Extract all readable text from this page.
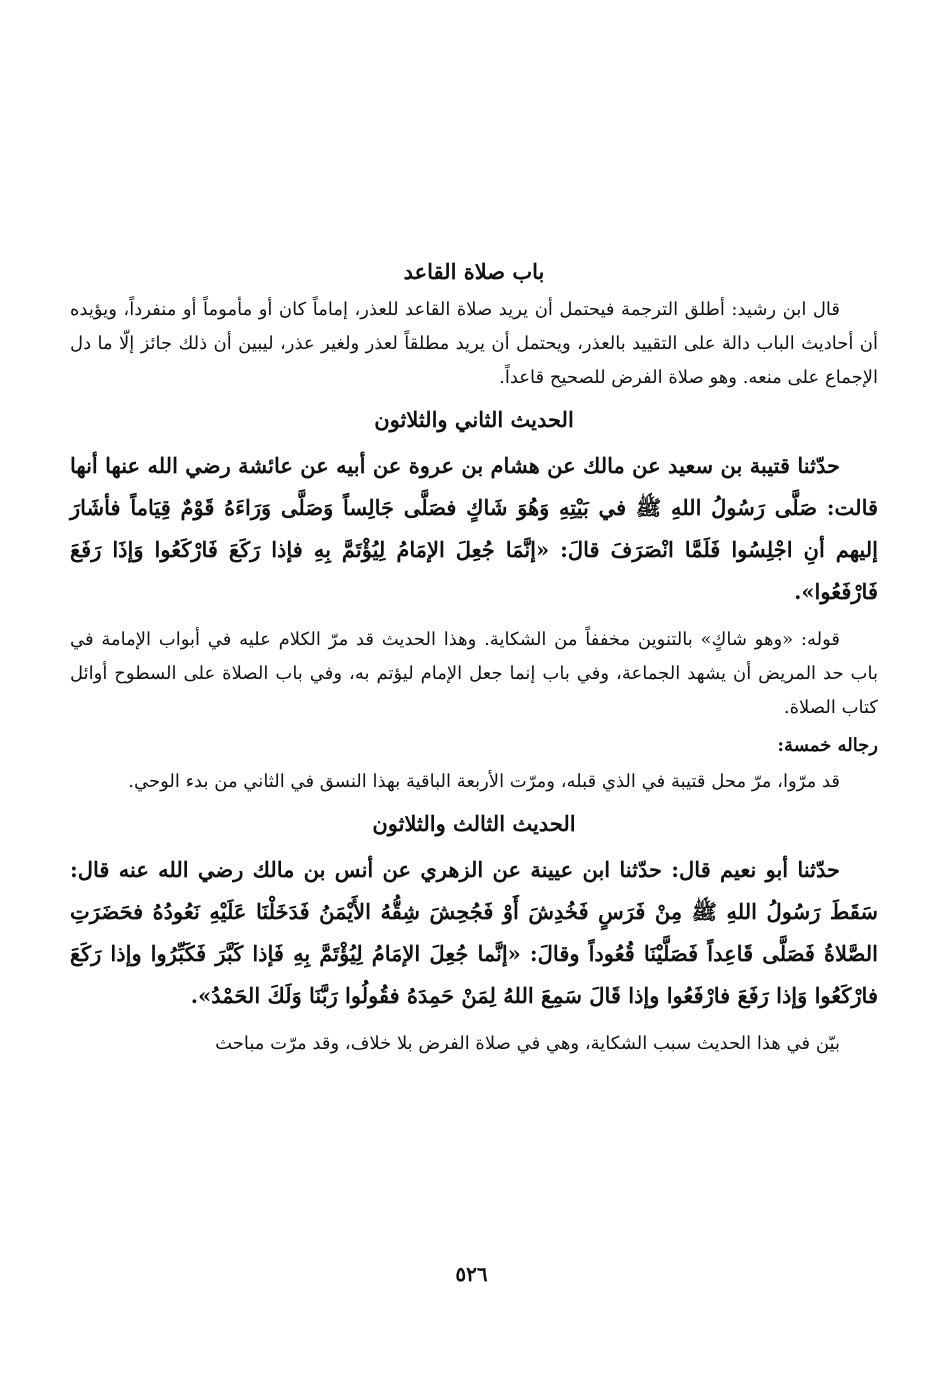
باب صلاة القاعد

قال ابن رشيد: أطلق الترجمة فيحتمل أن يريد صلاة القاعد للعذر، إماماً كان أو مأموماً أو منفرداً، ويؤيده أن أحاديث الباب دالة على التقييد بالعذر، ويحتمل أن يريد مطلقاً لعذر ولغير عذر، ليبين أن ذلك جائز إلّا ما دل الإجماع على منعه. وهو صلاة الفرض للصحيح قاعداً.

الحديث الثاني والثلاثون

حدّثنا قتيبة بن سعيد عن مالك عن هشام بن عروة عن أبيه عن عائشة رضي الله عنها أنها قالت: صَلَّى رَسُولُ اللهِ ﷺ في بَيْتِهِ وَهُوَ شَاكٍ فصَلَّى جَالِساً وَصَلَّى وَرَاءَهُ قَوْمٌ قِيَاماً فأشَارَ إليهم أنِ اجْلِسُوا فَلَمَّا انْصَرَفَ قالَ: «إنَّمَا جُعِلَ الإمَامُ لِيُؤْتَمَّ بِهِ فإذا رَكَعَ فَارْكَعُوا وَإذَا رَفَعَ فَارْفَعُوا».

قوله: «وهو شاكٍ» بالتنوين مخففاً من الشكاية. وهذا الحديث قد مرّ الكلام عليه في أبواب الإمامة في باب حد المريض أن يشهد الجماعة، وفي باب إنما جعل الإمام ليؤتم به، وفي باب الصلاة على السطوح أوائل كتاب الصلاة.

رجاله خمسة:

قد مرّوا، مرّ محل قتيبة في الذي قبله، ومرّت الأربعة الباقية بهذا النسق في الثاني من بدء الوحي.

الحديث الثالث والثلاثون

حدّثنا أبو نعيم قال: حدّثنا ابن عيينة عن الزهري عن أنس بن مالك رضي الله عنه قال: سَقَطَ رَسُولُ اللهِ ﷺ مِنْ فَرَسٍ فَخُدِشَ أَوْ فَجُحِشَ شِقُّهُ الأَيْمَنُ فَدَخَلْنَا عَلَيْهِ نَعُودُهُ فحَضَرَتِ الصَّلاةُ فَصَلَّى قَاعِداً فَصَلَّيْنَا قُعُوداً وقالَ: «إنَّما جُعِلَ الإمَامُ لِيُؤْتَمَّ بِهِ فَإذا كَبَّرَ فَكَبِّرُوا وإذا رَكَعَ فارْكَعُوا وَإذا رَفَعَ فارْفَعُوا وإذا قَالَ سَمِعَ اللهُ لِمَنْ حَمِدَهُ فقُولُوا رَبَّنَا وَلَكَ الحَمْدُ».

بيّن في هذا الحديث سبب الشكاية، وهي في صلاة الفرض بلا خلاف، وقد مرّت مباحث

٥٢٦
